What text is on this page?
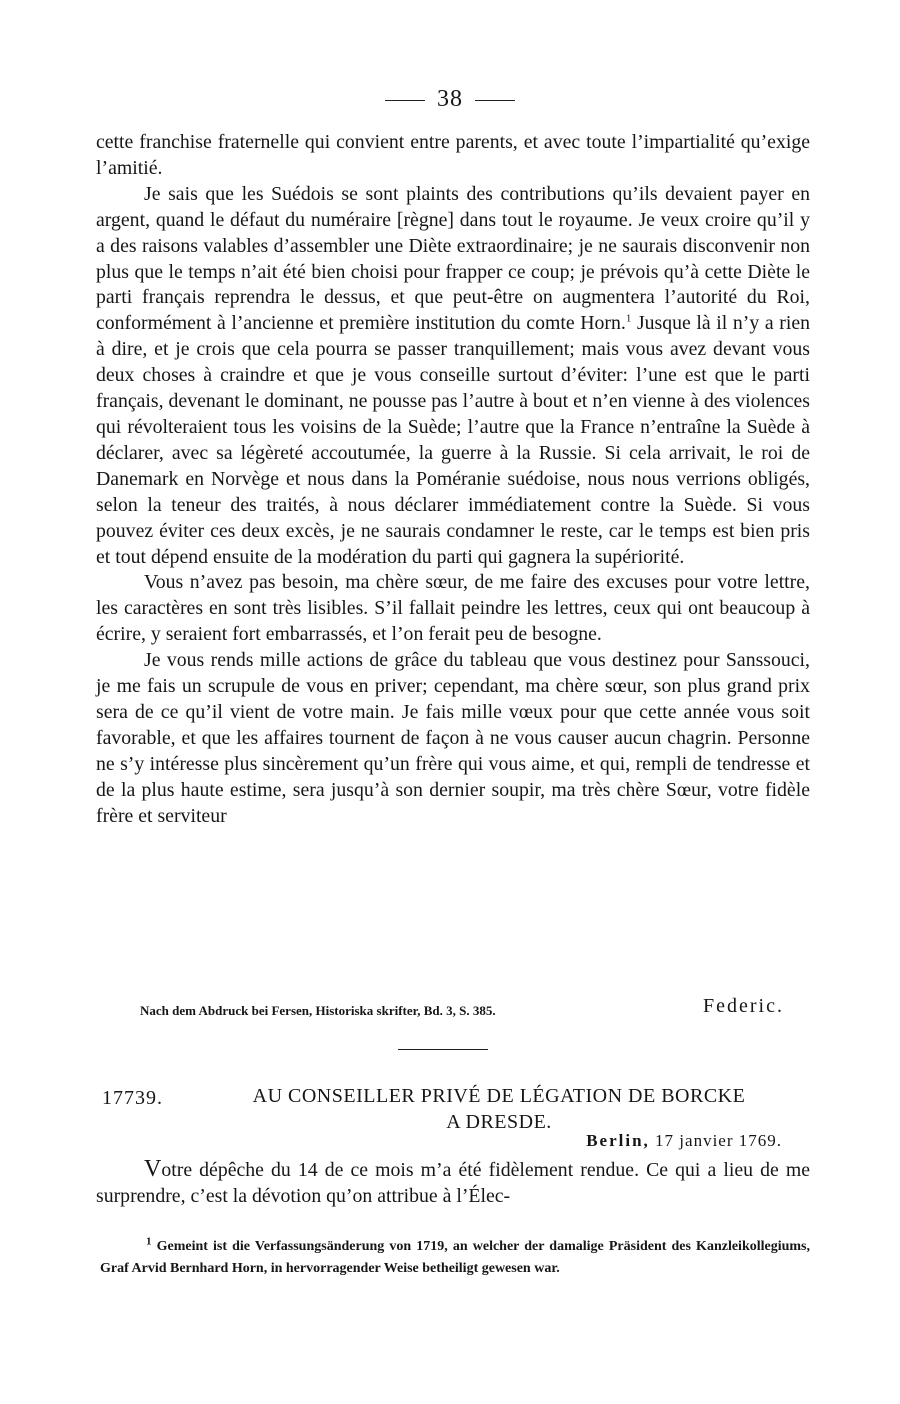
38

cette franchise fraternelle qui convient entre parents, et avec toute l’impartialité qu’exige l’amitié.

Je sais que les Suédois se sont plaints des contributions qu’ils devaient payer en argent, quand le défaut du numéraire [règne] dans tout le royaume. Je veux croire qu’il y a des raisons valables d’assembler une Diète extraordinaire; je ne saurais disconvenir non plus que le temps n’ait été bien choisi pour frapper ce coup; je prévois qu’à cette Diète le parti français reprendra le dessus, et que peut-être on augmentera l’autorité du Roi, conformément à l’ancienne et première institution du comte Horn.$^1$ Jusque là il n’y a rien à dire, et je crois que cela pourra se passer tranquillement; mais vous avez devant vous deux choses à craindre et que je vous conseille surtout d’éviter: l’une est que le parti français, devenant le dominant, ne pousse pas l’autre à bout et n’en vienne à des violences qui révolteraient tous les voisins de la Suède; l’autre que la France n’entraîne la Suède à déclarer, avec sa légèreté accoutumée, la guerre à la Russie. Si cela arrivait, le roi de Danemark en Norvège et nous dans la Poméranie suédoise, nous nous verrions obligés, selon la teneur des traités, à nous déclarer immédiatement contre la Suède. Si vous pouvez éviter ces deux excès, je ne saurais condamner le reste, car le temps est bien pris et tout dépend ensuite de la modération du parti qui gagnera la supériorité.

Vous n’avez pas besoin, ma chère sœur, de me faire des excuses pour votre lettre, les caractères en sont très lisibles. S’il fallait peindre les lettres, ceux qui ont beaucoup à écrire, y seraient fort embarrassés, et l’on ferait peu de besogne.

Je vous rends mille actions de grâce du tableau que vous destinez pour Sanssouci, je me fais un scrupule de vous en priver; cependant, ma chère sœur, son plus grand prix sera de ce qu’il vient de votre main. Je fais mille vœux pour que cette année vous soit favorable, et que les affaires tournent de façon à ne vous causer aucun chagrin. Personne ne s’y intéresse plus sincèrement qu’un frère qui vous aime, et qui, rempli de tendresse et de la plus haute estime, sera jusqu’à son dernier soupir, ma très chère Sœur, votre fidèle frère et serviteur

Nach dem Abdruck bei Fersen, Historiska skrifter, Bd. 3, S. 385.	Federic.
17739.	AU CONSEILLER PRIVÉ DE LÉGATION DE BORCKE
A DRESDE.
Berlin, 17 janvier 1769.

Votre dépêche du 14 de ce mois m’a été fidèlement rendue. Ce qui a lieu de me surprendre, c’est la dévotion qu’on attribue à l’Élec-

$^1$ Gemeint ist die Verfassungsänderung von 1719, an welcher der damalige Präsident des Kanzleikollegiums, Graf Arvid Bernhard Horn, in hervorragender Weise betheiligt gewesen war.
